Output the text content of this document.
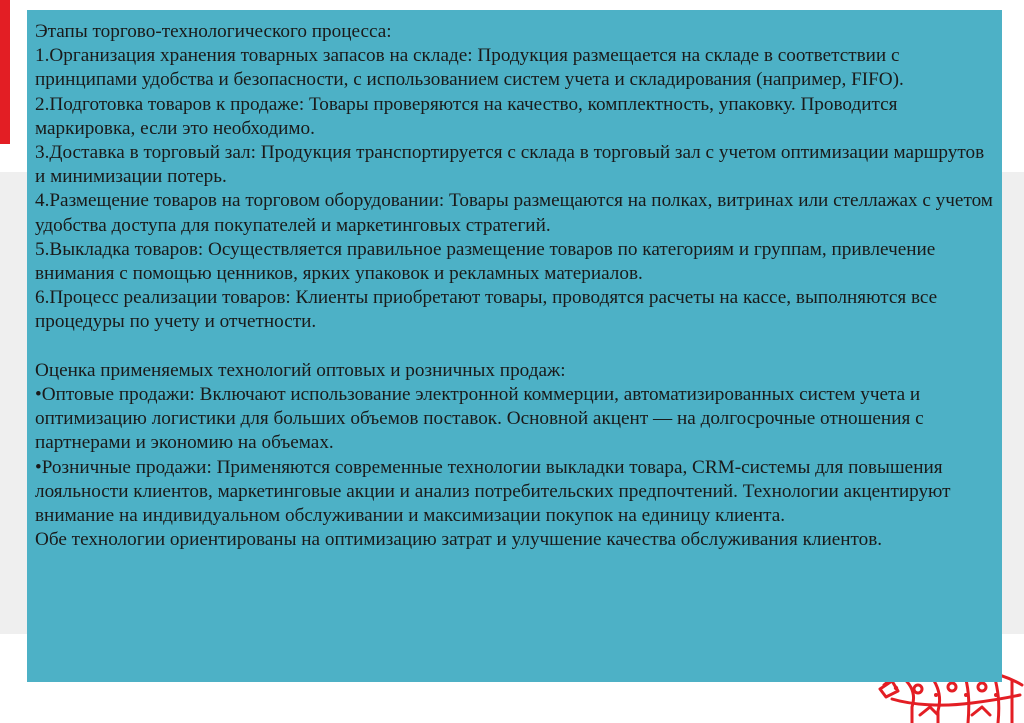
Этапы торгово-технологического процесса:

1.Организация хранения товарных запасов на складе: Продукция размещается на складе в соответствии с принципами удобства и безопасности, с использованием систем учета и складирования (например, FIFO).

2.Подготовка товаров к продаже: Товары проверяются на качество, комплектность, упаковку. Проводится маркировка, если это необходимо.

3.Доставка в торговый зал: Продукция транспортируется с склада в торговый зал с учетом оптимизации маршрутов и минимизации потерь.

4.Размещение товаров на торговом оборудовании: Товары размещаются на полках, витринах или стеллажах с учетом удобства доступа для покупателей и маркетинговых стратегий.

5.Выкладка товаров: Осуществляется правильное размещение товаров по категориям и группам, привлечение внимания с помощью ценников, ярких упаковок и рекламных материалов.

6.Процесс реализации товаров: Клиенты приобретают товары, проводятся расчеты на кассе, выполняются все процедуры по учету и отчетности.

Оценка применяемых технологий оптовых и розничных продаж:

•Оптовые продажи: Включают использование электронной коммерции, автоматизированных систем учета и оптимизацию логистики для больших объемов поставок. Основной акцент — на долгосрочные отношения с партнерами и экономию на объемах.

•Розничные продажи: Применяются современные технологии выкладки товара, CRM-системы для повышения лояльности клиентов, маркетинговые акции и анализ потребительских предпочтений. Технологии акцентируют внимание на индивидуальном обслуживании и максимизации покупок на единицу клиента.

Обе технологии ориентированы на оптимизацию затрат и улучшение качества обслуживания клиентов.
